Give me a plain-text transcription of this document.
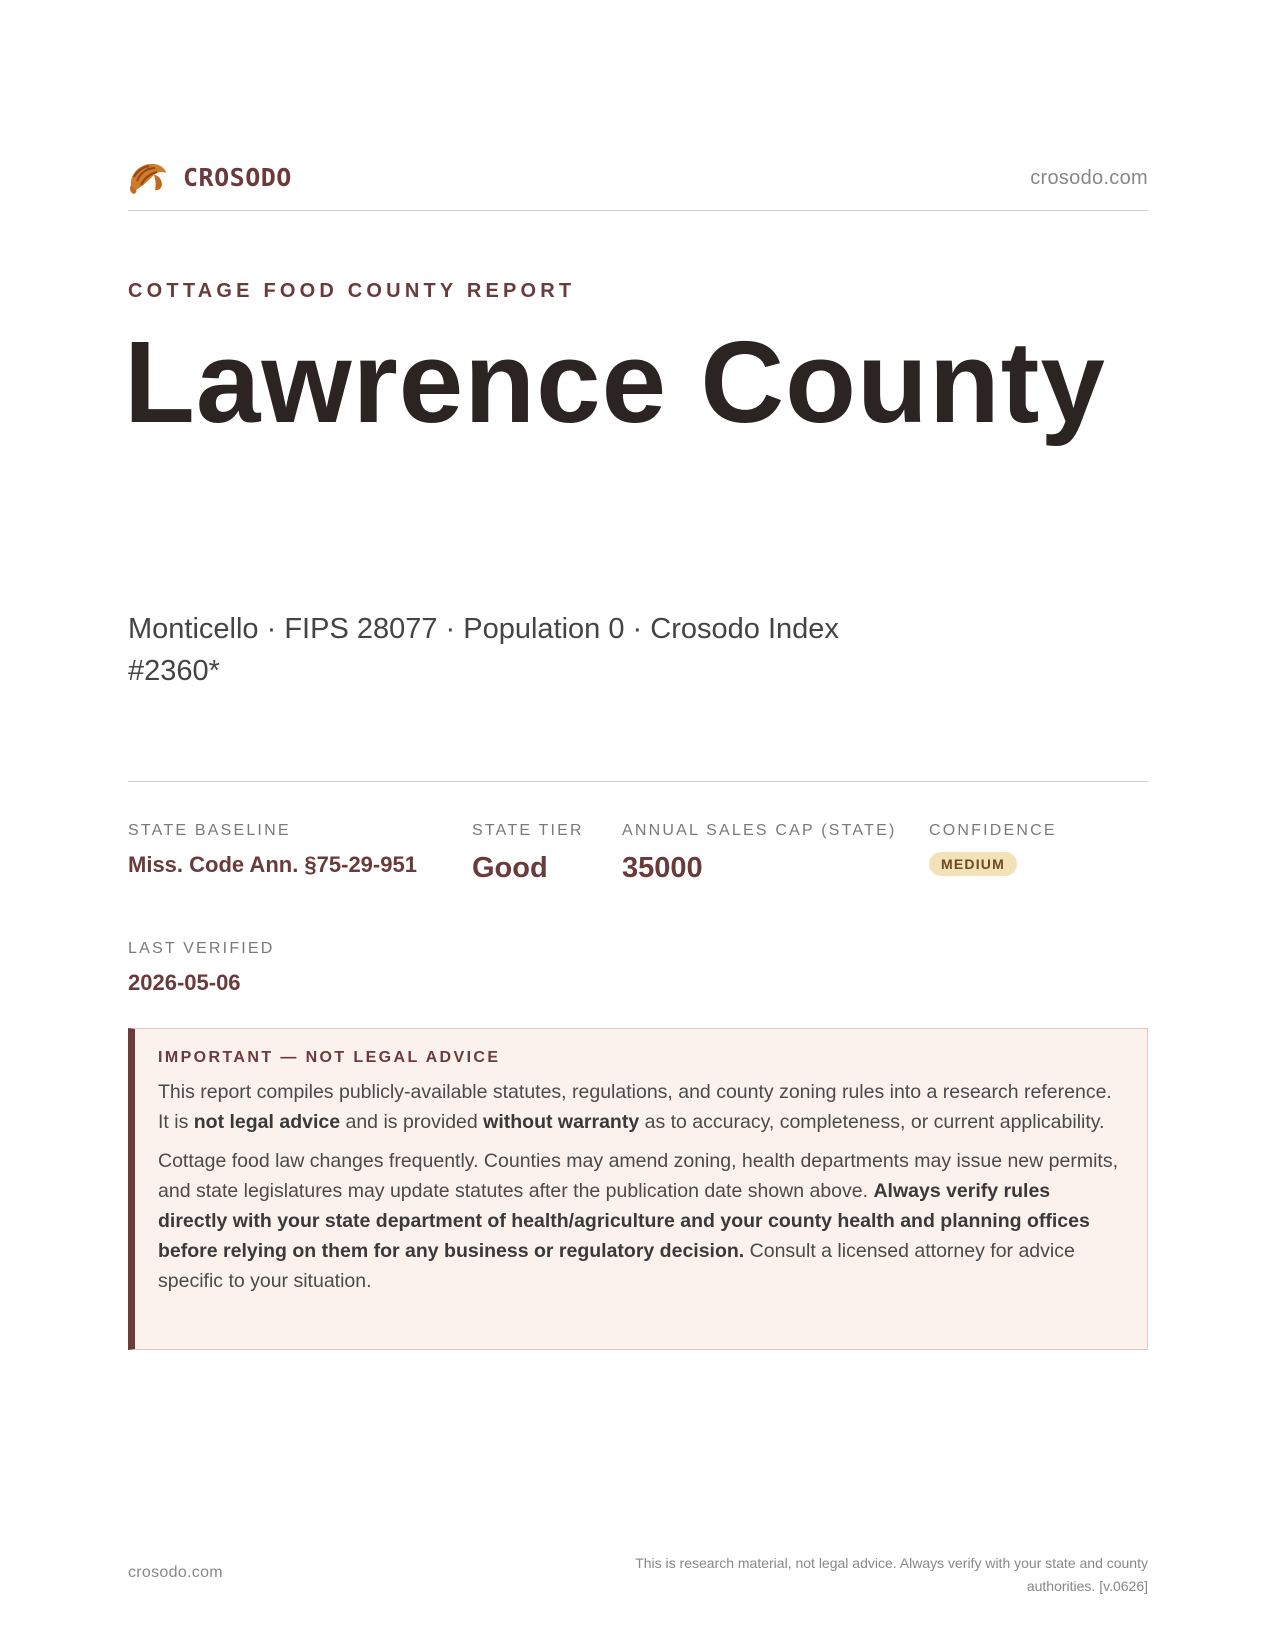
CROSODO	crosodo.com
COTTAGE FOOD COUNTY REPORT
Lawrence County
Monticello · FIPS 28077 · Population 0 · Crosodo Index #2360*
STATE BASELINE
Miss. Code Ann. §75-29-951
STATE TIER
Good
ANNUAL SALES CAP (STATE)
35000
CONFIDENCE
MEDIUM
LAST VERIFIED
2026-05-06
IMPORTANT — NOT LEGAL ADVICE

This report compiles publicly-available statutes, regulations, and county zoning rules into a research reference. It is not legal advice and is provided without warranty as to accuracy, completeness, or current applicability.

Cottage food law changes frequently. Counties may amend zoning, health departments may issue new permits, and state legislatures may update statutes after the publication date shown above. Always verify rules directly with your state department of health/agriculture and your county health and planning offices before relying on them for any business or regulatory decision. Consult a licensed attorney for advice specific to your situation.

crosodo.com
This is research material, not legal advice. Always verify with your state and county authorities. [v.0626]
